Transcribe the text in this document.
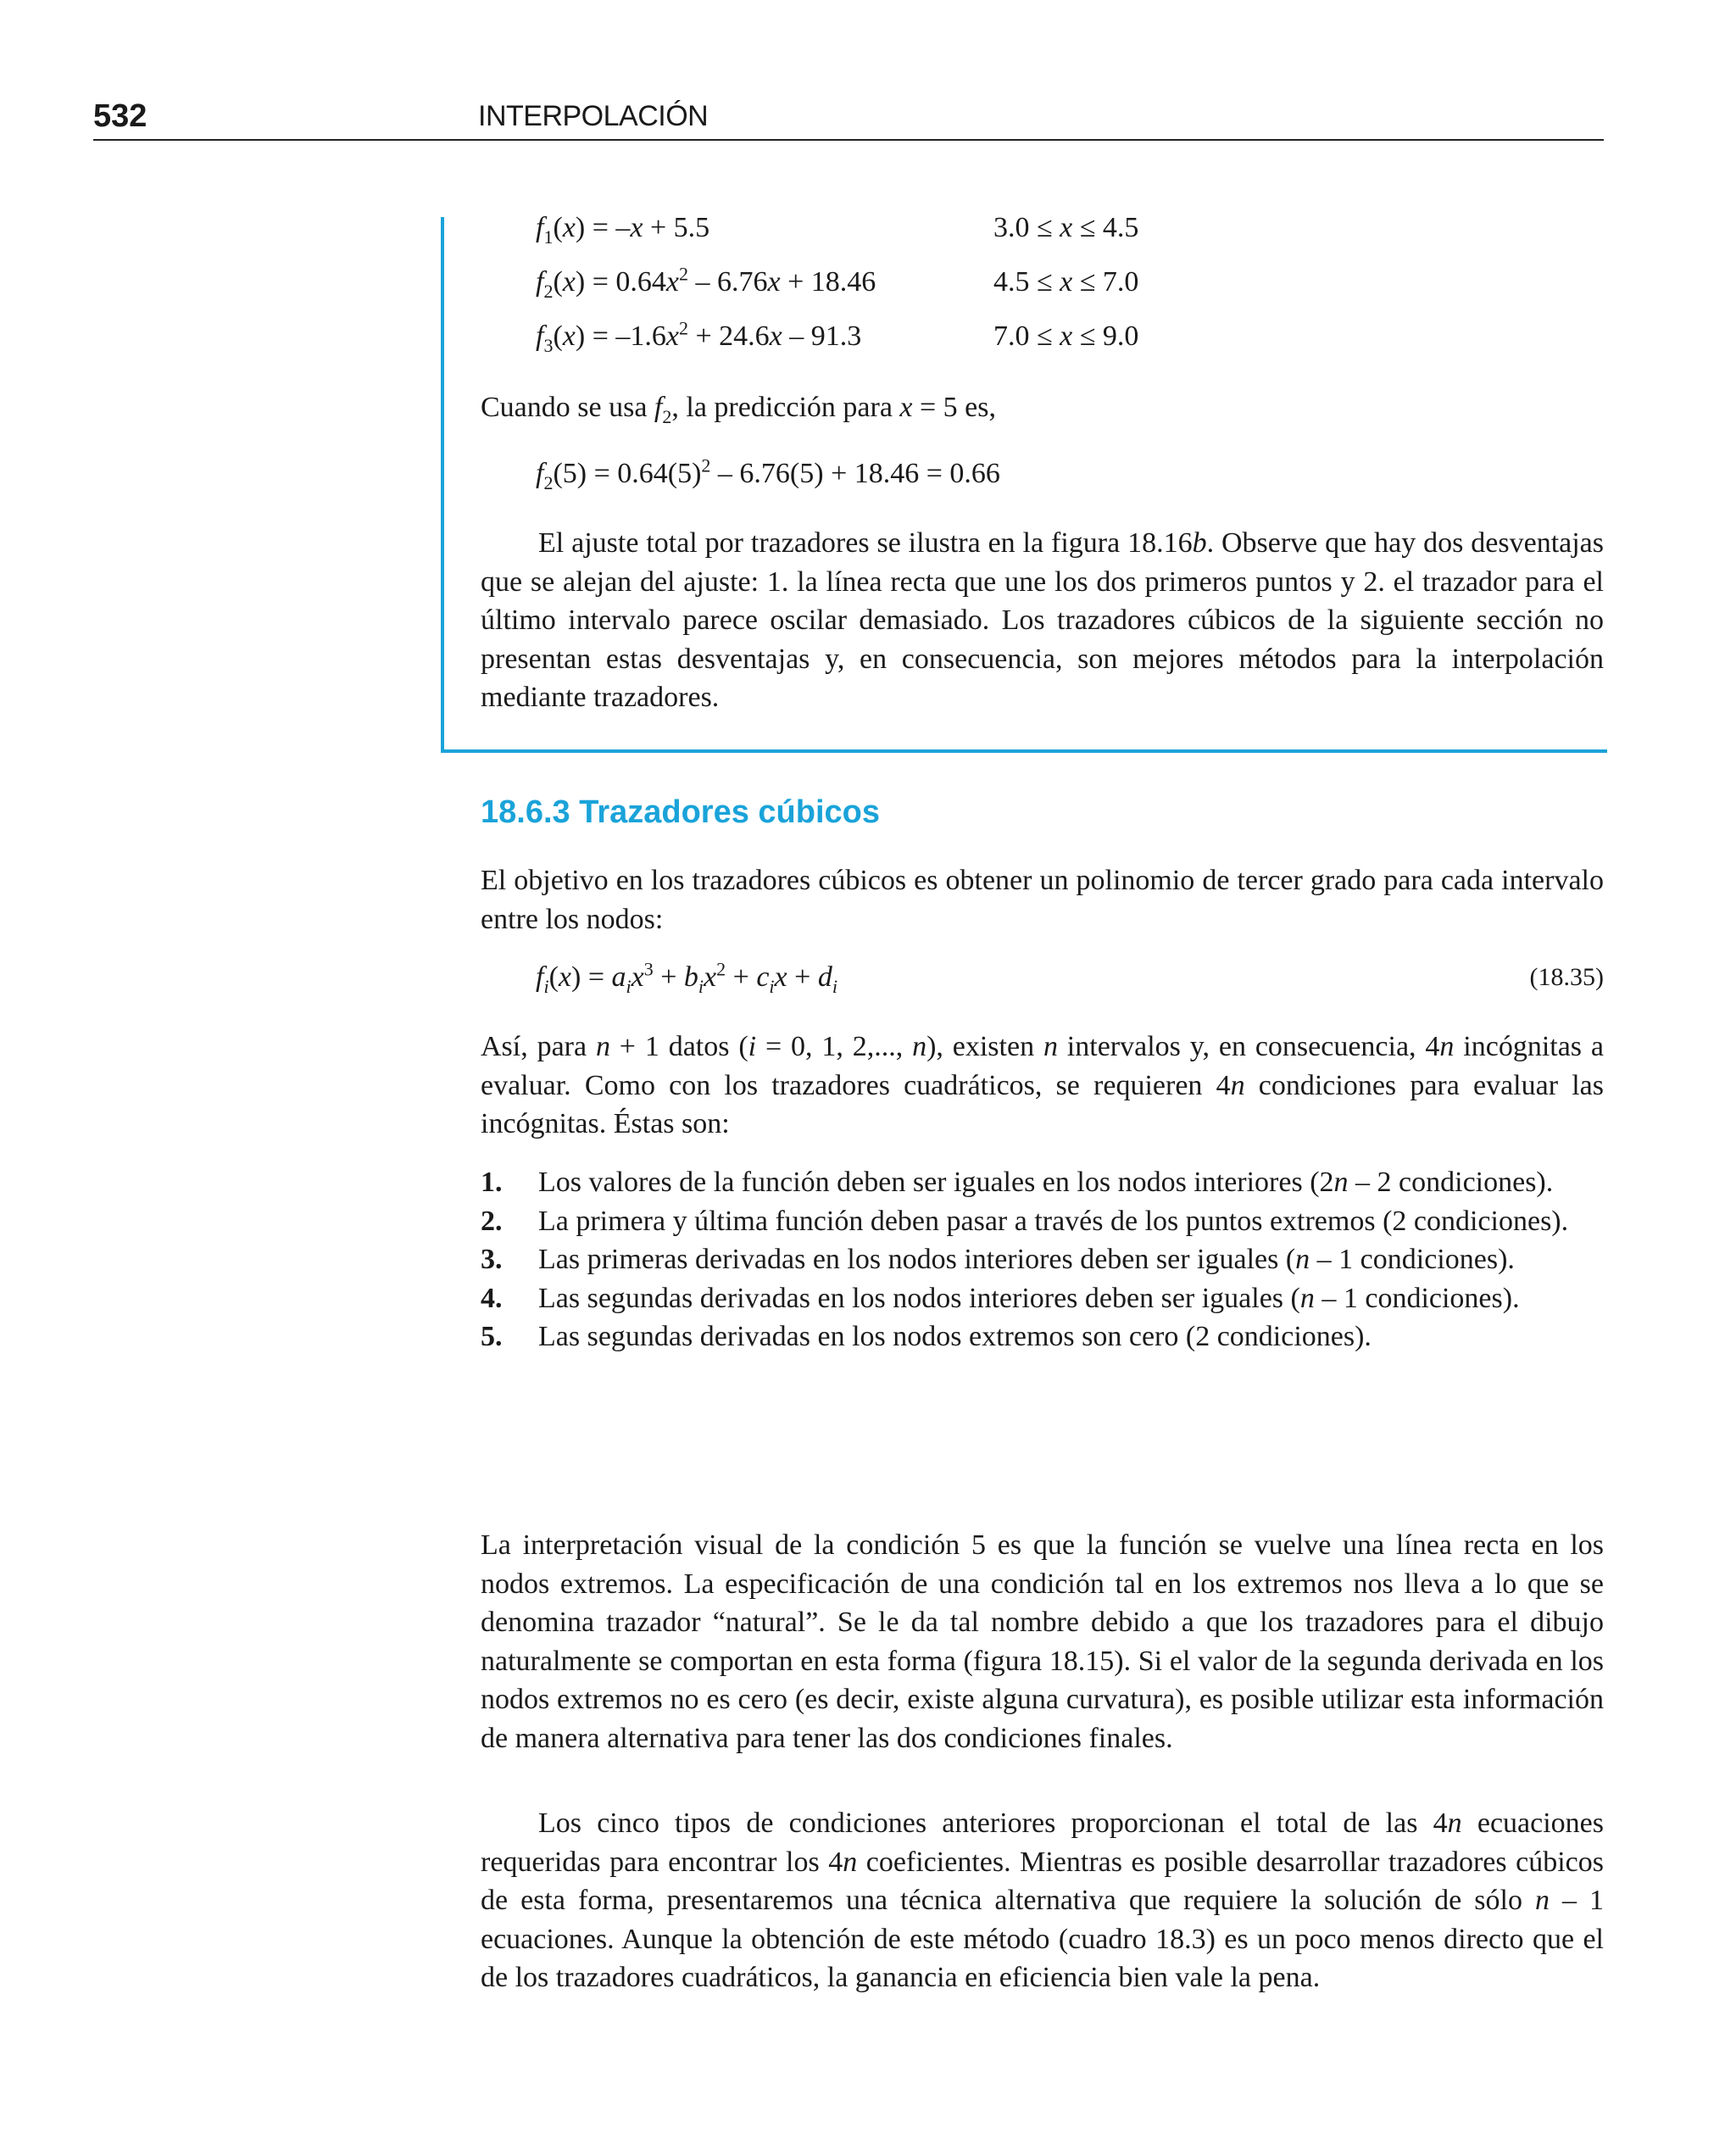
532	INTERPOLACIÓN
$f_1(x) = -x + 5.5$	3.0 ≤ x ≤ 4.5
$f_2(x) = 0.64x^2 - 6.76x + 18.46$	4.5 ≤ x ≤ 7.0
$f_3(x) = -1.6x^2 + 24.6x - 91.3$	7.0 ≤ x ≤ 9.0

Cuando se usa $f_2$, la predicción para x = 5 es,

$f_2(5) = 0.64(5)^2 - 6.76(5) + 18.46 = 0.66$

El ajuste total por trazadores se ilustra en la figura 18.16b. Observe que hay dos desventajas que se alejan del ajuste: 1. la línea recta que une los dos primeros puntos y 2. el trazador para el último intervalo parece oscilar demasiado. Los trazadores cúbicos de la siguiente sección no presentan estas desventajas y, en consecuencia, son mejores métodos para la interpolación mediante trazadores.

18.6.3 Trazadores cúbicos
El objetivo en los trazadores cúbicos es obtener un polinomio de tercer grado para cada intervalo entre los nodos:
$f_i(x) = a_ix^3 + b_ix^2 + c_ix + d_i$	(18.35)

Así, para n + 1 datos (i = 0, 1, 2,..., n), existen n intervalos y, en consecuencia, 4n incógnitas a evaluar. Como con los trazadores cuadráticos, se requieren 4n condiciones para evaluar las incógnitas. Éstas son:

1. Los valores de la función deben ser iguales en los nodos interiores (2n – 2 condiciones).
2. La primera y última función deben pasar a través de los puntos extremos (2 condiciones).
3. Las primeras derivadas en los nodos interiores deben ser iguales (n – 1 condiciones).
4. Las segundas derivadas en los nodos interiores deben ser iguales (n – 1 condiciones).
5. Las segundas derivadas en los nodos extremos son cero (2 condiciones).
La interpretación visual de la condición 5 es que la función se vuelve una línea recta en los nodos extremos. La especificación de una condición tal en los extremos nos lleva a lo que se denomina trazador “natural”. Se le da tal nombre debido a que los trazadores para el dibujo naturalmente se comportan en esta forma (figura 18.15). Si el valor de la segunda derivada en los nodos extremos no es cero (es decir, existe alguna curvatura), es posible utilizar esta información de manera alternativa para tener las dos condiciones finales.

Los cinco tipos de condiciones anteriores proporcionan el total de las 4n ecuaciones requeridas para encontrar los 4n coeficientes. Mientras es posible desarrollar trazadores cúbicos de esta forma, presentaremos una técnica alternativa que requiere la solución de sólo n – 1 ecuaciones. Aunque la obtención de este método (cuadro 18.3) es un poco menos directo que el de los trazadores cuadráticos, la ganancia en eficiencia bien vale la pena.
